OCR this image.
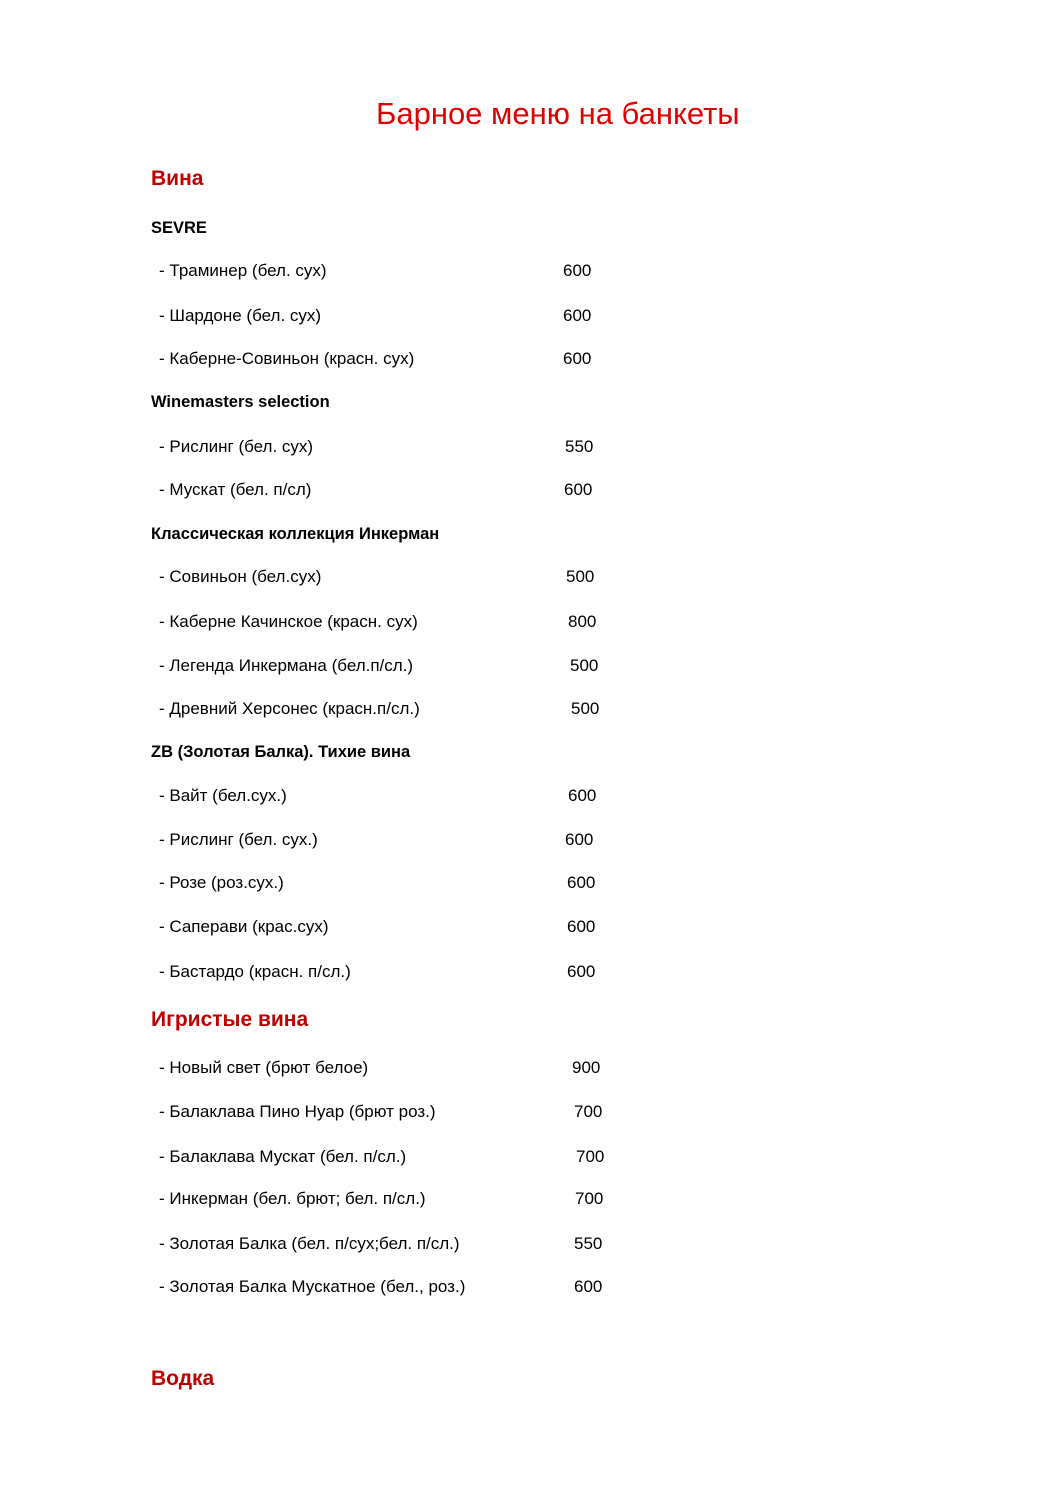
Барное меню на банкеты
Вина
SEVRE
- Траминер (бел. сух)	600
- Шардоне (бел. сух)	600
- Каберне-Совиньон (красн. сух)	600
Winemasters selection
- Рислинг (бел. сух)	550
- Мускат (бел. п/сл)	600
Классическая коллекция Инкерман
- Совиньон (бел.сух)	500
- Каберне Качинское (красн. сух)	800
- Легенда Инкермана (бел.п/сл.)	500
- Древний Херсонес (красн.п/сл.)	500
ZB (Золотая Балка). Тихие вина
- Вайт (бел.сух.)	600
- Рислинг (бел. сух.)	600
- Розе (роз.сух.)	600
- Саперави (крас.сух)	600
- Бастардо (красн. п/сл.)	600
Игристые вина
- Новый свет (брют белое)	900
- Балаклава Пино Нуар (брют роз.)	700
- Балаклава Мускат (бел. п/сл.)	700
- Инкерман (бел. брют; бел. п/сл.)	700
- Золотая Балка (бел. п/сух;бел. п/сл.)	550
- Золотая Балка Мускатное (бел., роз.)	600
Водка
